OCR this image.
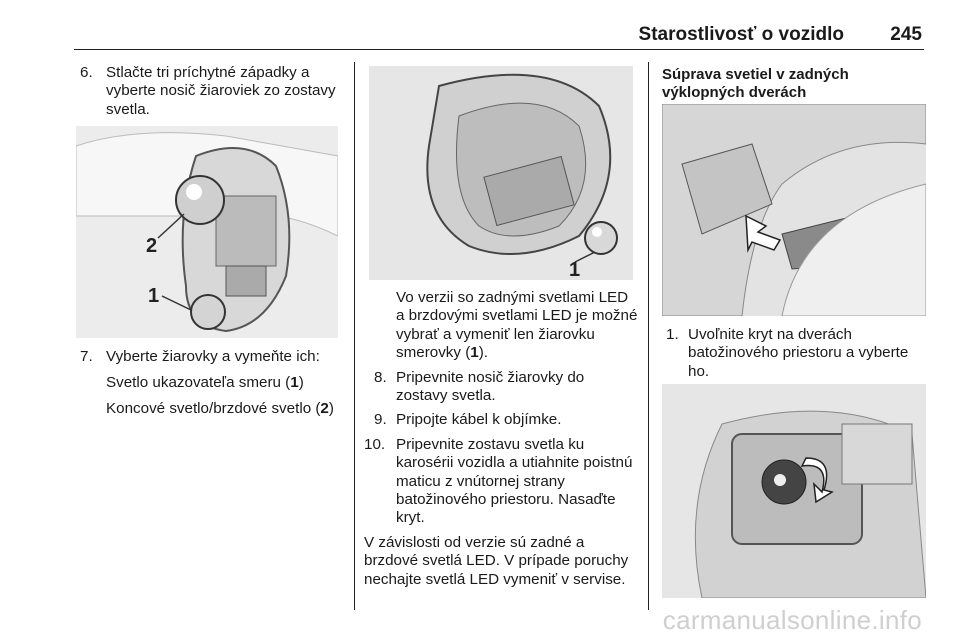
Starostlivosť o vozidlo 245
6. Stlačte tri príchytné západky a vyberte nosič žiaroviek zo zostavy svetla.
2
1
7. Vyberte žiarovky a vymeňte ich:
Svetlo ukazovateľa smeru (1)
Koncové svetlo/brzdové svetlo (2)
1
Vo verzii so zadnými svetlami LED a brzdovými svetlami LED je možné vybrať a vymeniť len žiarovku smerovky (1).
8. Pripevnite nosič žiarovky do zostavy svetla.
9. Pripojte kábel k objímke.
10. Pripevnite zostavu svetla ku karosérii vozidla a utiahnite poistnú maticu z vnútornej strany batožinového priestoru. Nasaďte kryt.
V závislosti od verzie sú zadné a brzdové svetlá LED. V prípade poruchy nechajte svetlá LED vymeniť v servise.
Súprava svetiel v zadných výklopných dverách
1. Uvoľnite kryt na dverách batožinového priestoru a vyberte ho.
carmanualsonline.info
